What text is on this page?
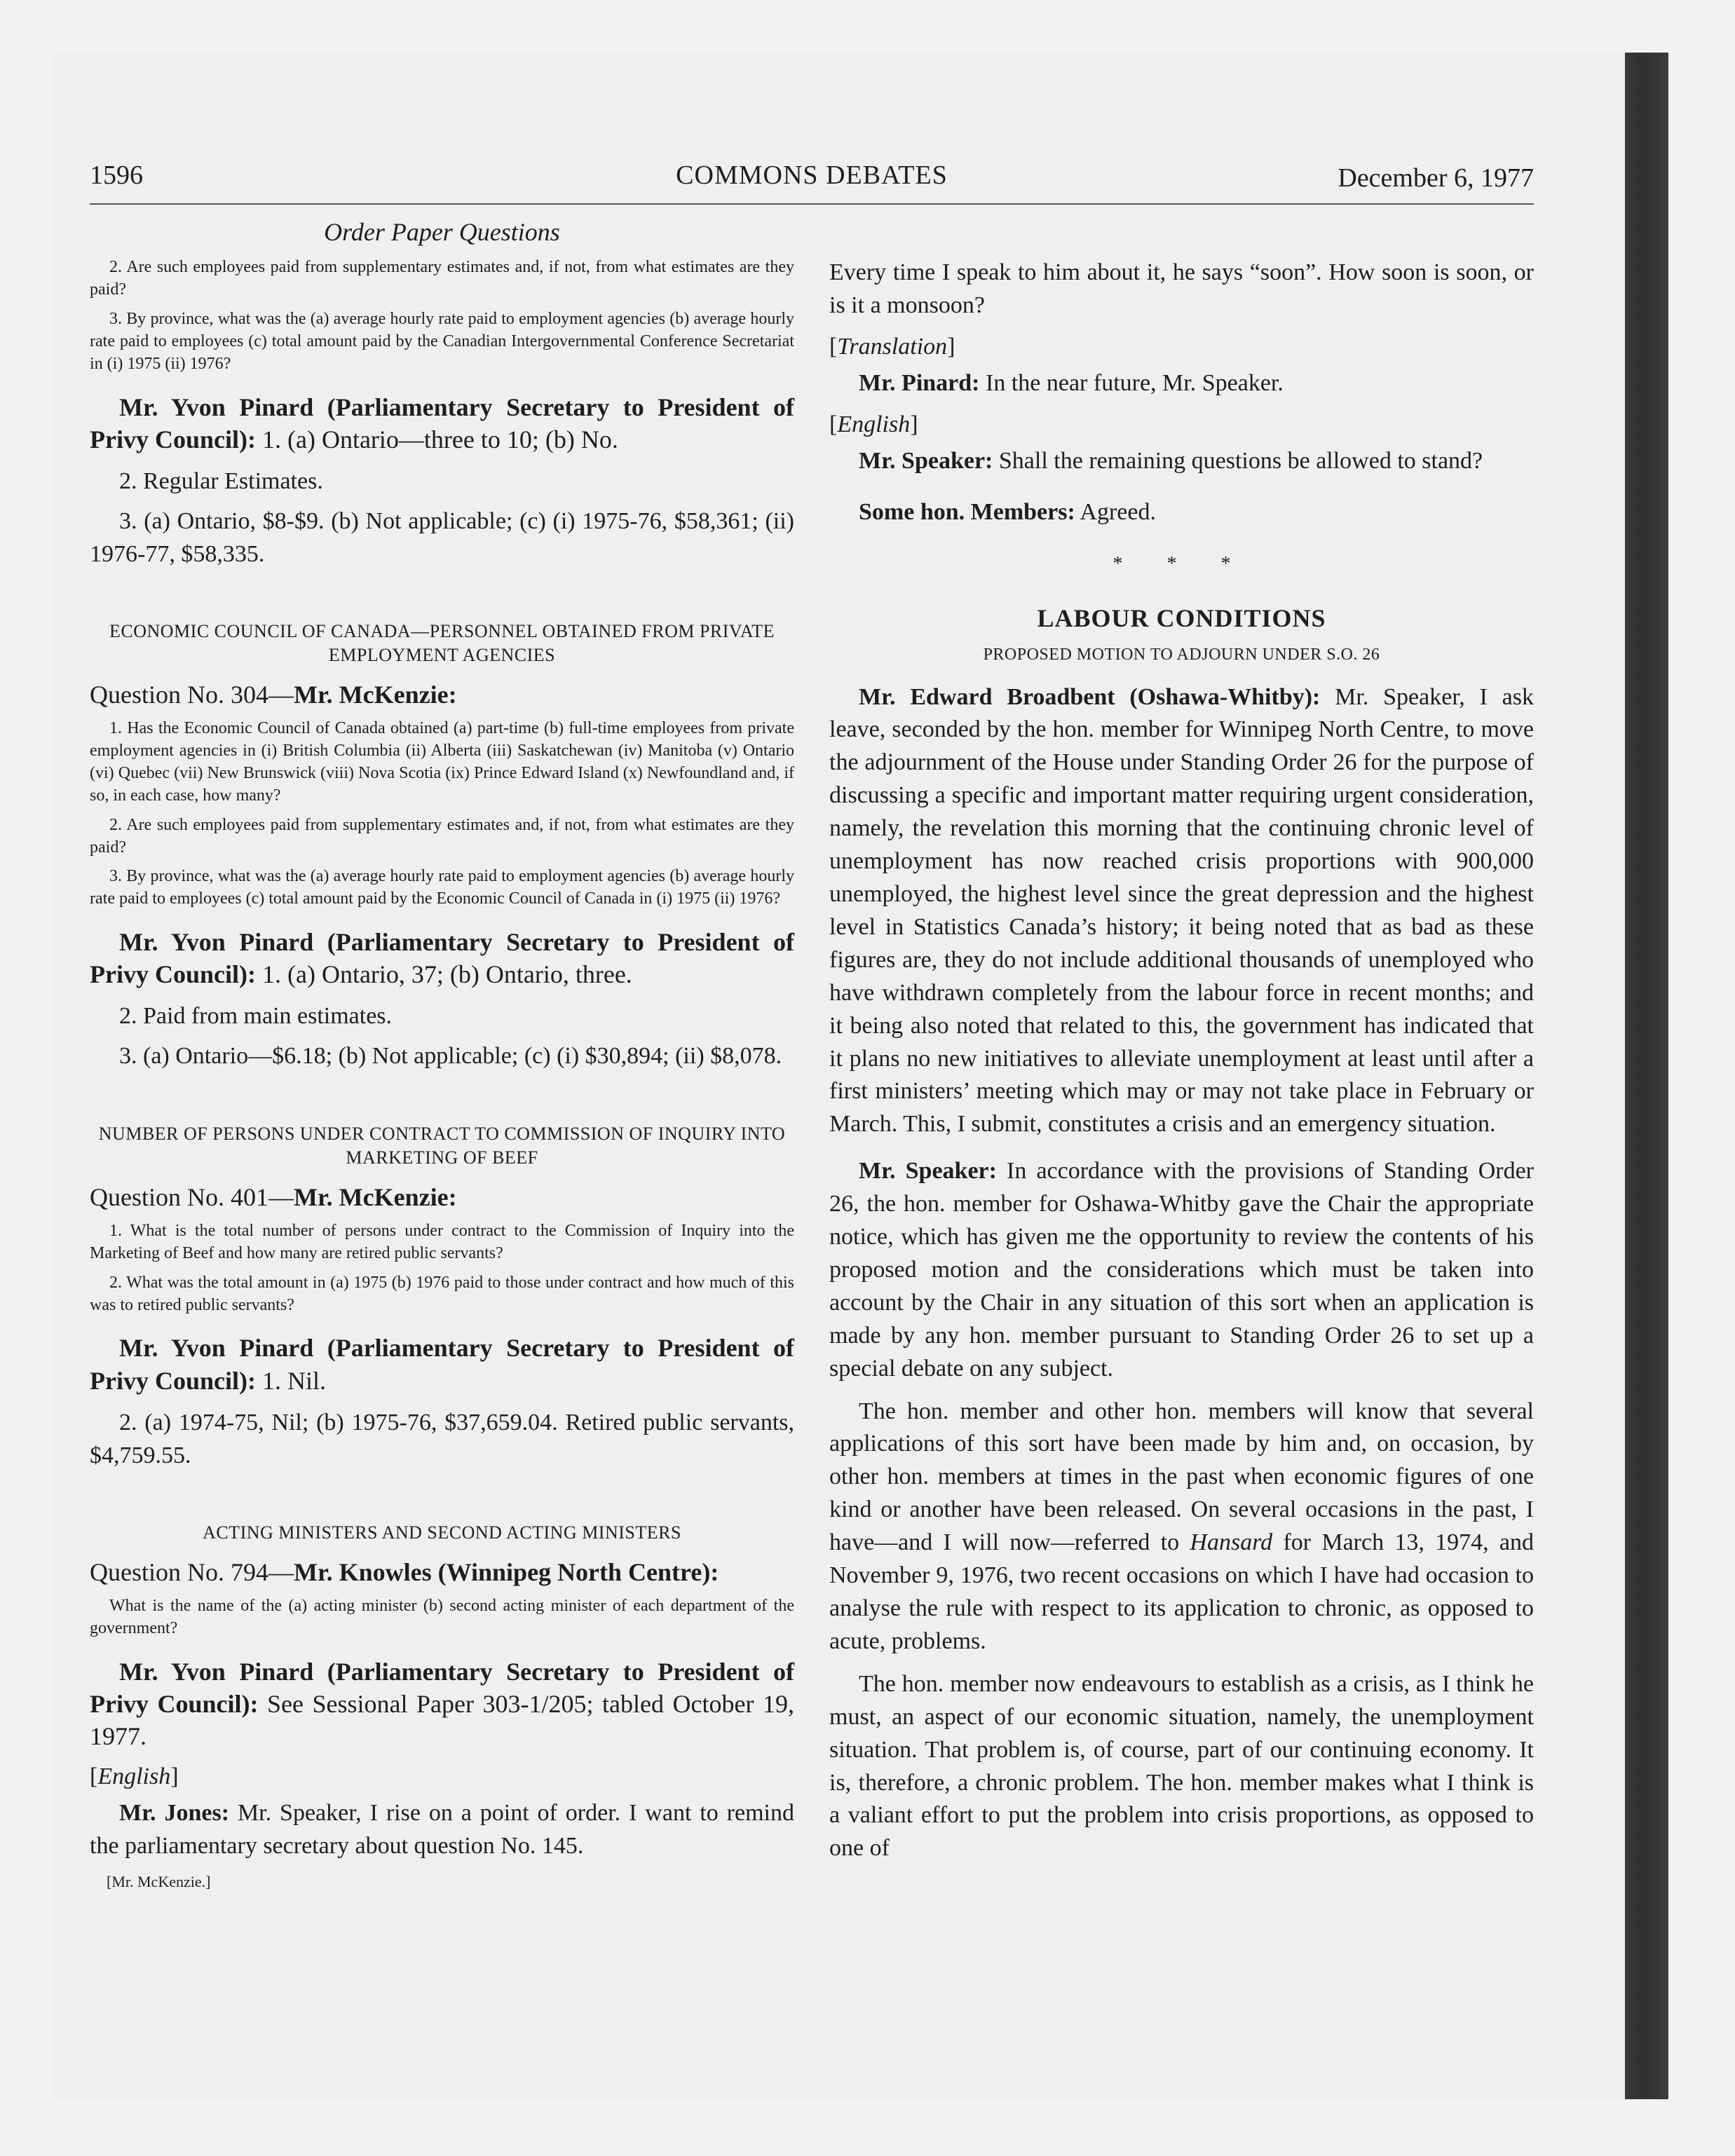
1596	COMMONS DEBATES	December 6, 1977
Order Paper Questions

2. Are such employees paid from supplementary estimates and, if not, from what estimates are they paid?

3. By province, what was the (a) average hourly rate paid to employment agencies (b) average hourly rate paid to employees (c) total amount paid by the Canadian Intergovernmental Conference Secretariat in (i) 1975 (ii) 1976?

Mr. Yvon Pinard (Parliamentary Secretary to President of Privy Council): 1. (a) Ontario—three to 10; (b) No.

2. Regular Estimates.

3. (a) Ontario, $8-$9. (b) Not applicable; (c) (i) 1975-76, $58,361; (ii) 1976-77, $58,335.

ECONOMIC COUNCIL OF CANADA—PERSONNEL OBTAINED FROM PRIVATE EMPLOYMENT AGENCIES
Question No. 304—Mr. McKenzie:

1. Has the Economic Council of Canada obtained (a) part-time (b) full-time employees from private employment agencies in (i) British Columbia (ii) Alberta (iii) Saskatchewan (iv) Manitoba (v) Ontario (vi) Quebec (vii) New Brunswick (viii) Nova Scotia (ix) Prince Edward Island (x) Newfoundland and, if so, in each case, how many?

2. Are such employees paid from supplementary estimates and, if not, from what estimates are they paid?

3. By province, what was the (a) average hourly rate paid to employment agencies (b) average hourly rate paid to employees (c) total amount paid by the Economic Council of Canada in (i) 1975 (ii) 1976?

Mr. Yvon Pinard (Parliamentary Secretary to President of Privy Council): 1. (a) Ontario, 37; (b) Ontario, three.

2. Paid from main estimates.

3. (a) Ontario—$6.18; (b) Not applicable; (c) (i) $30,894; (ii) $8,078.

NUMBER OF PERSONS UNDER CONTRACT TO COMMISSION OF INQUIRY INTO MARKETING OF BEEF
Question No. 401—Mr. McKenzie:

1. What is the total number of persons under contract to the Commission of Inquiry into the Marketing of Beef and how many are retired public servants?

2. What was the total amount in (a) 1975 (b) 1976 paid to those under contract and how much of this was to retired public servants?

Mr. Yvon Pinard (Parliamentary Secretary to President of Privy Council): 1. Nil.

2. (a) 1974-75, Nil; (b) 1975-76, $37,659.04. Retired public servants, $4,759.55.

ACTING MINISTERS AND SECOND ACTING MINISTERS
Question No. 794—Mr. Knowles (Winnipeg North Centre):

What is the name of the (a) acting minister (b) second acting minister of each department of the government?

Mr. Yvon Pinard (Parliamentary Secretary to President of Privy Council): See Sessional Paper 303-1/205; tabled October 19, 1977.

[English]

Mr. Jones: Mr. Speaker, I rise on a point of order. I want to remind the parliamentary secretary about question No. 145.

[Mr. McKenzie.]

Every time I speak to him about it, he says “soon”. How soon is soon, or is it a monsoon?

[Translation]

Mr. Pinard: In the near future, Mr. Speaker.

[English]

Mr. Speaker: Shall the remaining questions be allowed to stand?

Some hon. Members: Agreed.

* * *
LABOUR CONDITIONS
PROPOSED MOTION TO ADJOURN UNDER S.O. 26

Mr. Edward Broadbent (Oshawa-Whitby): Mr. Speaker, I ask leave, seconded by the hon. member for Winnipeg North Centre, to move the adjournment of the House under Standing Order 26 for the purpose of discussing a specific and important matter requiring urgent consideration, namely, the revelation this morning that the continuing chronic level of unemployment has now reached crisis proportions with 900,000 unemployed, the highest level since the great depression and the highest level in Statistics Canada’s history; it being noted that as bad as these figures are, they do not include additional thousands of unemployed who have withdrawn completely from the labour force in recent months; and it being also noted that related to this, the government has indicated that it plans no new initiatives to alleviate unemployment at least until after a first ministers’ meeting which may or may not take place in February or March. This, I submit, constitutes a crisis and an emergency situation.

Mr. Speaker: In accordance with the provisions of Standing Order 26, the hon. member for Oshawa-Whitby gave the Chair the appropriate notice, which has given me the opportunity to review the contents of his proposed motion and the considerations which must be taken into account by the Chair in any situation of this sort when an application is made by any hon. member pursuant to Standing Order 26 to set up a special debate on any subject.

The hon. member and other hon. members will know that several applications of this sort have been made by him and, on occasion, by other hon. members at times in the past when economic figures of one kind or another have been released. On several occasions in the past, I have—and I will now—referred to Hansard for March 13, 1974, and November 9, 1976, two recent occasions on which I have had occasion to analyse the rule with respect to its application to chronic, as opposed to acute, problems.

The hon. member now endeavours to establish as a crisis, as I think he must, an aspect of our economic situation, namely, the unemployment situation. That problem is, of course, part of our continuing economy. It is, therefore, a chronic problem. The hon. member makes what I think is a valiant effort to put the problem into crisis proportions, as opposed to one of
